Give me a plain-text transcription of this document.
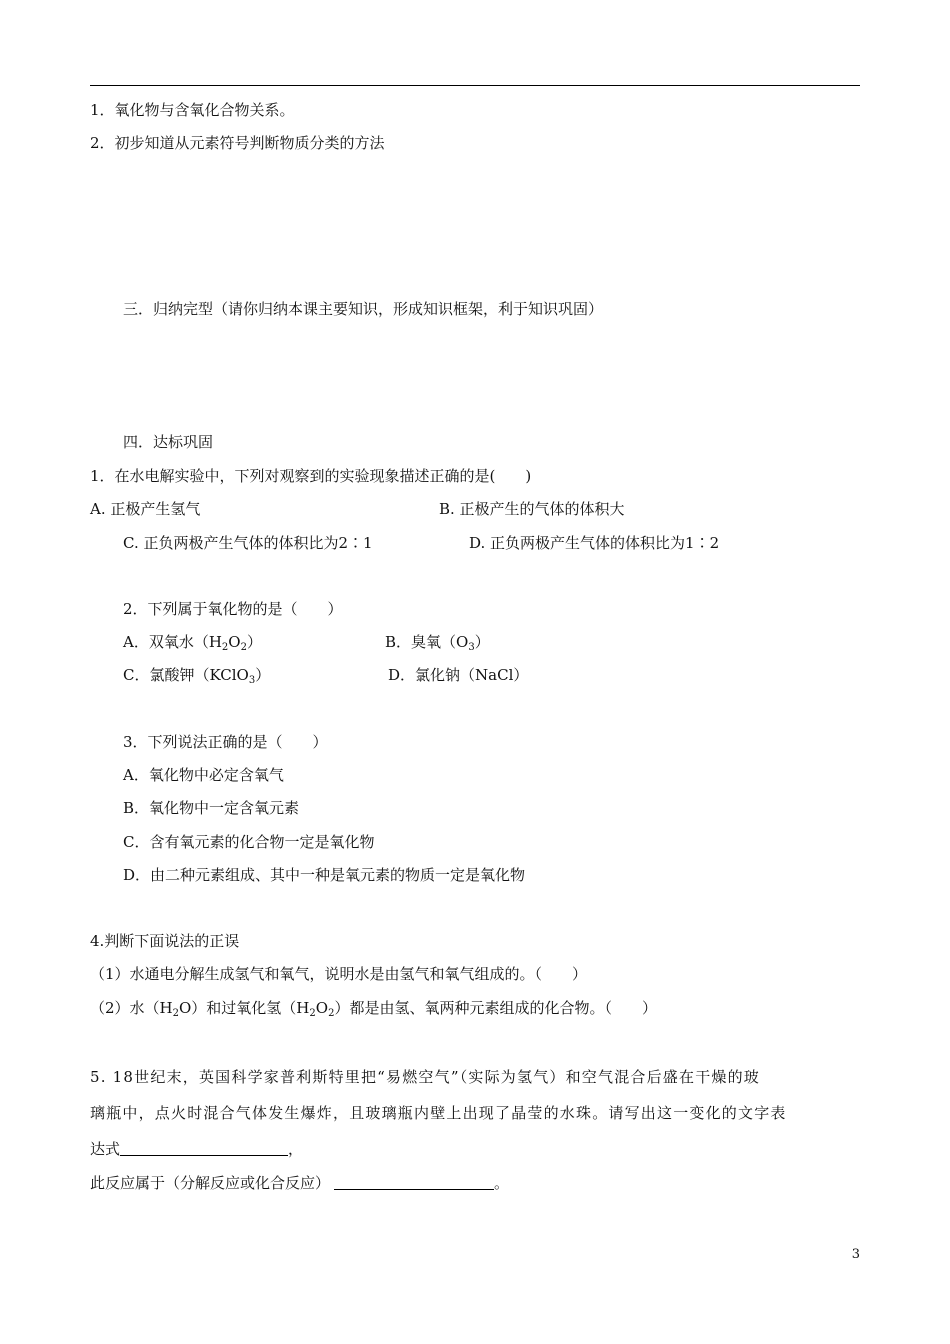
1．氧化物与含氧化合物关系。
2．初步知道从元素符号判断物质分类的方法
三．归纳完型（请你归纳本课主要知识，形成知识框架，利于知识巩固）
四．达标巩固
1．在水电解实验中，下列对观察到的实验现象描述正确的是(　　)
A. 正极产生氢气	B. 正极产生的气体的体积大
C. 正负两极产生气体的体积比为2∶1	D. 正负两极产生气体的体积比为1∶2
2．下列属于氧化物的是（　　）
A．双氧水$(H_2O_2)$	B．臭氧$(O_3)$
C．氯酸钾（KClO$_3$）	D．氯化钠（NaCl）
3．下列说法正确的是（　　）
A．氧化物中必定含氧气
B．氧化物中一定含氧元素
C．含有氧元素的化合物一定是氧化物
D．由二种元素组成、其中一种是氧元素的物质一定是氧化物
4.判断下面说法的正误
（1）水通电分解生成氢气和氧气，说明水是由氢气和氧气组成的。（　　）
（2）水$(H_2O)$和过氧化氢$(H_2O_2)$都是由氢、氧两种元素组成的化合物。（　　）
5. 18世纪末，英国科学家普利斯特里把“易燃空气”（实际为氢气）和空气混合后盛在干燥的玻
璃瓶中，点火时混合气体发生爆炸，且玻璃瓶内壁上出现了晶莹的水珠。请写出这一变化的文字表
达式	，
此反应属于（分解反应或化合反应）	。
3
